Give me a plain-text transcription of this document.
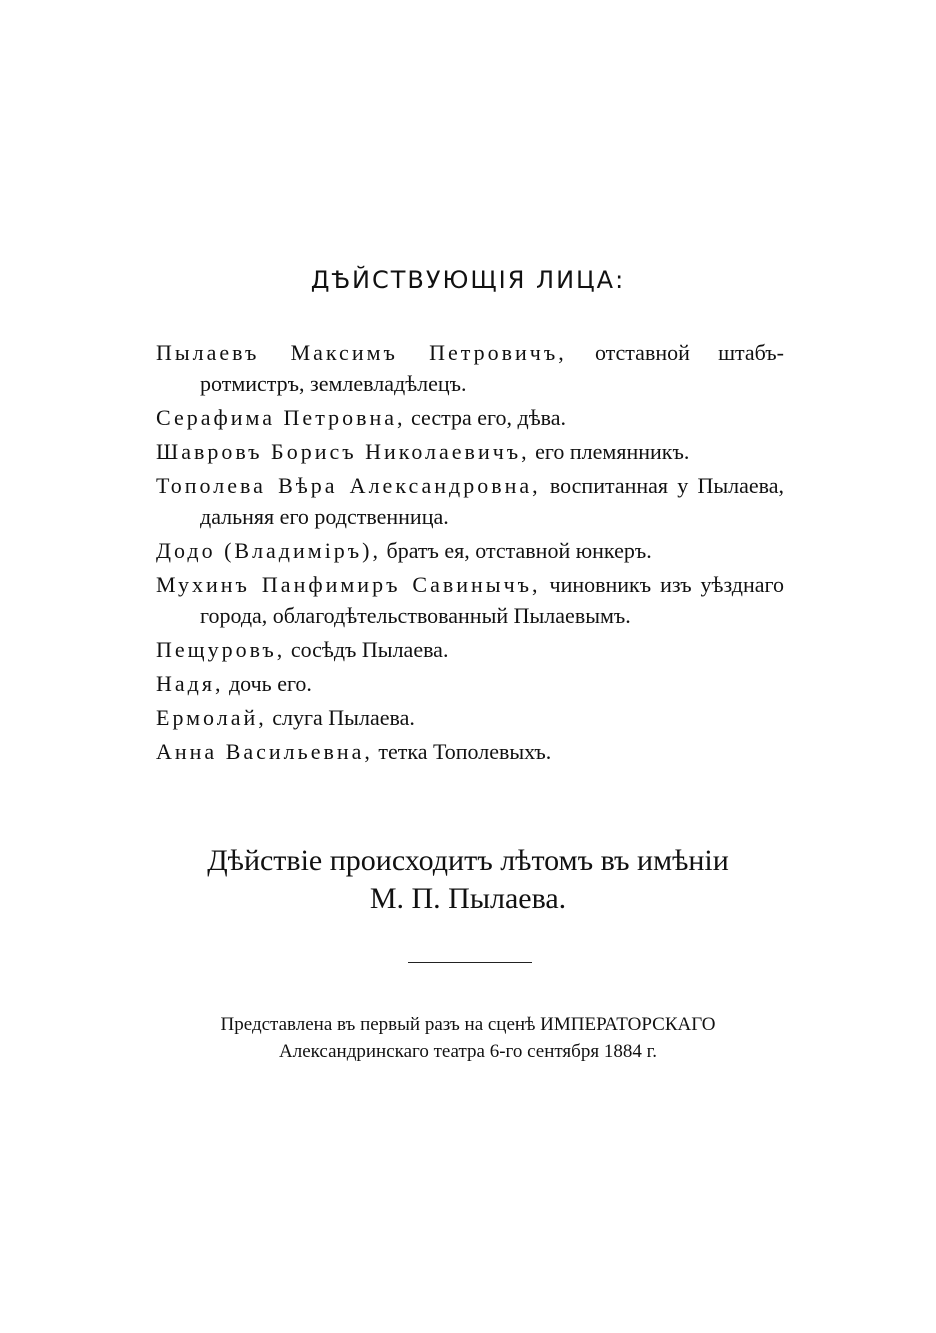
ДѢЙСТВУЮЩІЯ ЛИЦА:

Пылаевъ Максимъ Петровичъ, отставной штабъ-ротмистръ, землевладѣлецъ.

Серафима Петровна, сестра его, дѣва.

Шавровъ Борисъ Николаевичъ, его племянникъ.

Тополева Вѣра Александровна, воспитанная у Пылаева, дальняя его родственница.

Додо (Владиміръ), братъ ея, отставной юнкеръ.

Мухинъ Панфимиръ Савинычъ, чиновникъ изъ уѣзднаго города, облагодѣтельствованный Пылаевымъ.

Пещуровъ, сосѣдъ Пылаева.

Надя, дочь его.

Ермолай, слуга Пылаева.

Анна Васильевна, тетка Тополевыхъ.

Дѣйствіе происходитъ лѣтомъ въ имѣніи
М. П. Пылаева.
Представлена въ первый разъ на сценѣ ИМПЕРАТОРСКАГО
Александринскаго театра 6-го сентября 1884 г.
